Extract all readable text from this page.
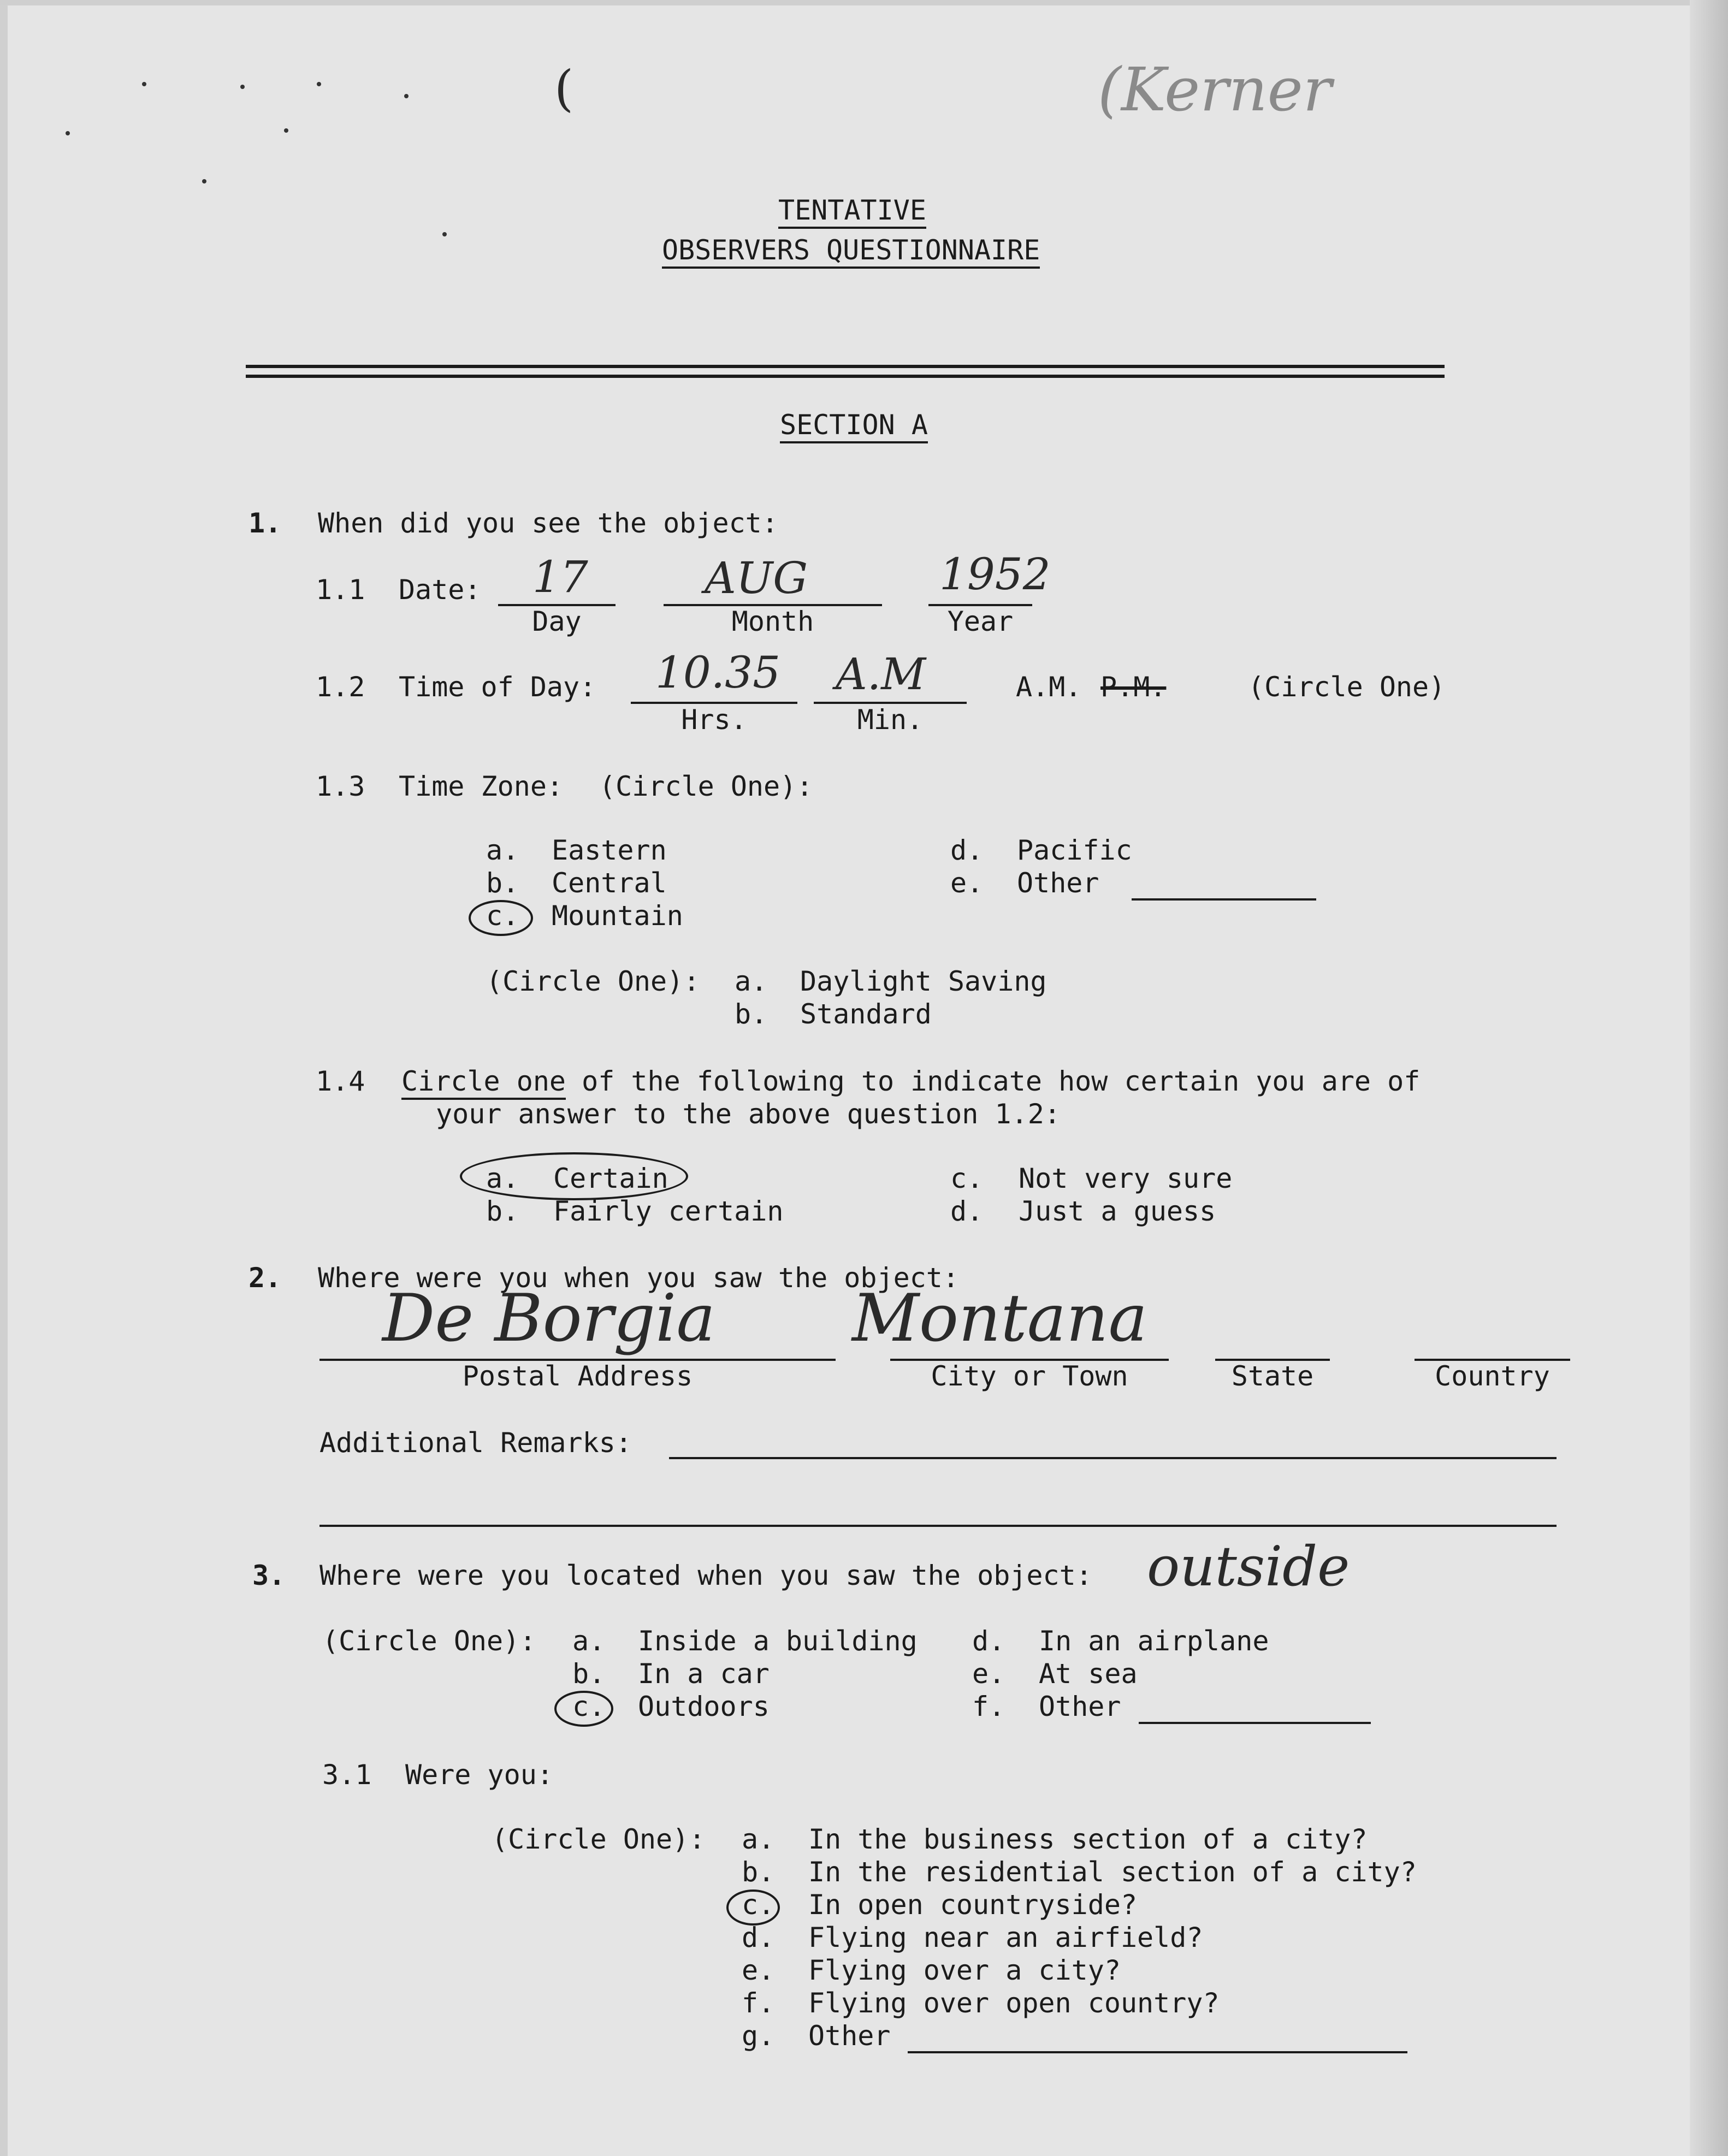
(	(Kerner
TENTATIVE
OBSERVERS QUESTIONNAIRE
SECTION A
1. When did you see the object:
1.1 Date: 17	AUG	1952
Day	Month	Year
1.2 Time of Day: 10.35 A.M
Hrs.	Min.
A.M. P.M.	(Circle One)
1.3 Time Zone: (Circle One):
a. Eastern
b. Central
c. Mountain
d. Pacific
e. Other
(Circle One): a. Daylight Saving
b. Standard
1.4 Circle one
of the following to indicate how certain you are of
your answer to the above question 1.2:
a. Certain
b. Fairly certain
c. Not very sure
d. Just a guess
2. Where were you when you saw the object:
De Borgia Montana
Postal Address	City or Town	State	Country
Additional Remarks:
3. Where were you located when you saw the object: outside
(Circle One): a. Inside a building
b. In a car
c. Outdoors
d. In an airplane
e. At sea
f. Other
3.1 Were you:
(Circle One): a. In the business section of a city?
b. In the residential section of a city?
c. In open countryside?
d. Flying near an airfield?
e. Flying over a city?
f. Flying over open country?
g. Other
